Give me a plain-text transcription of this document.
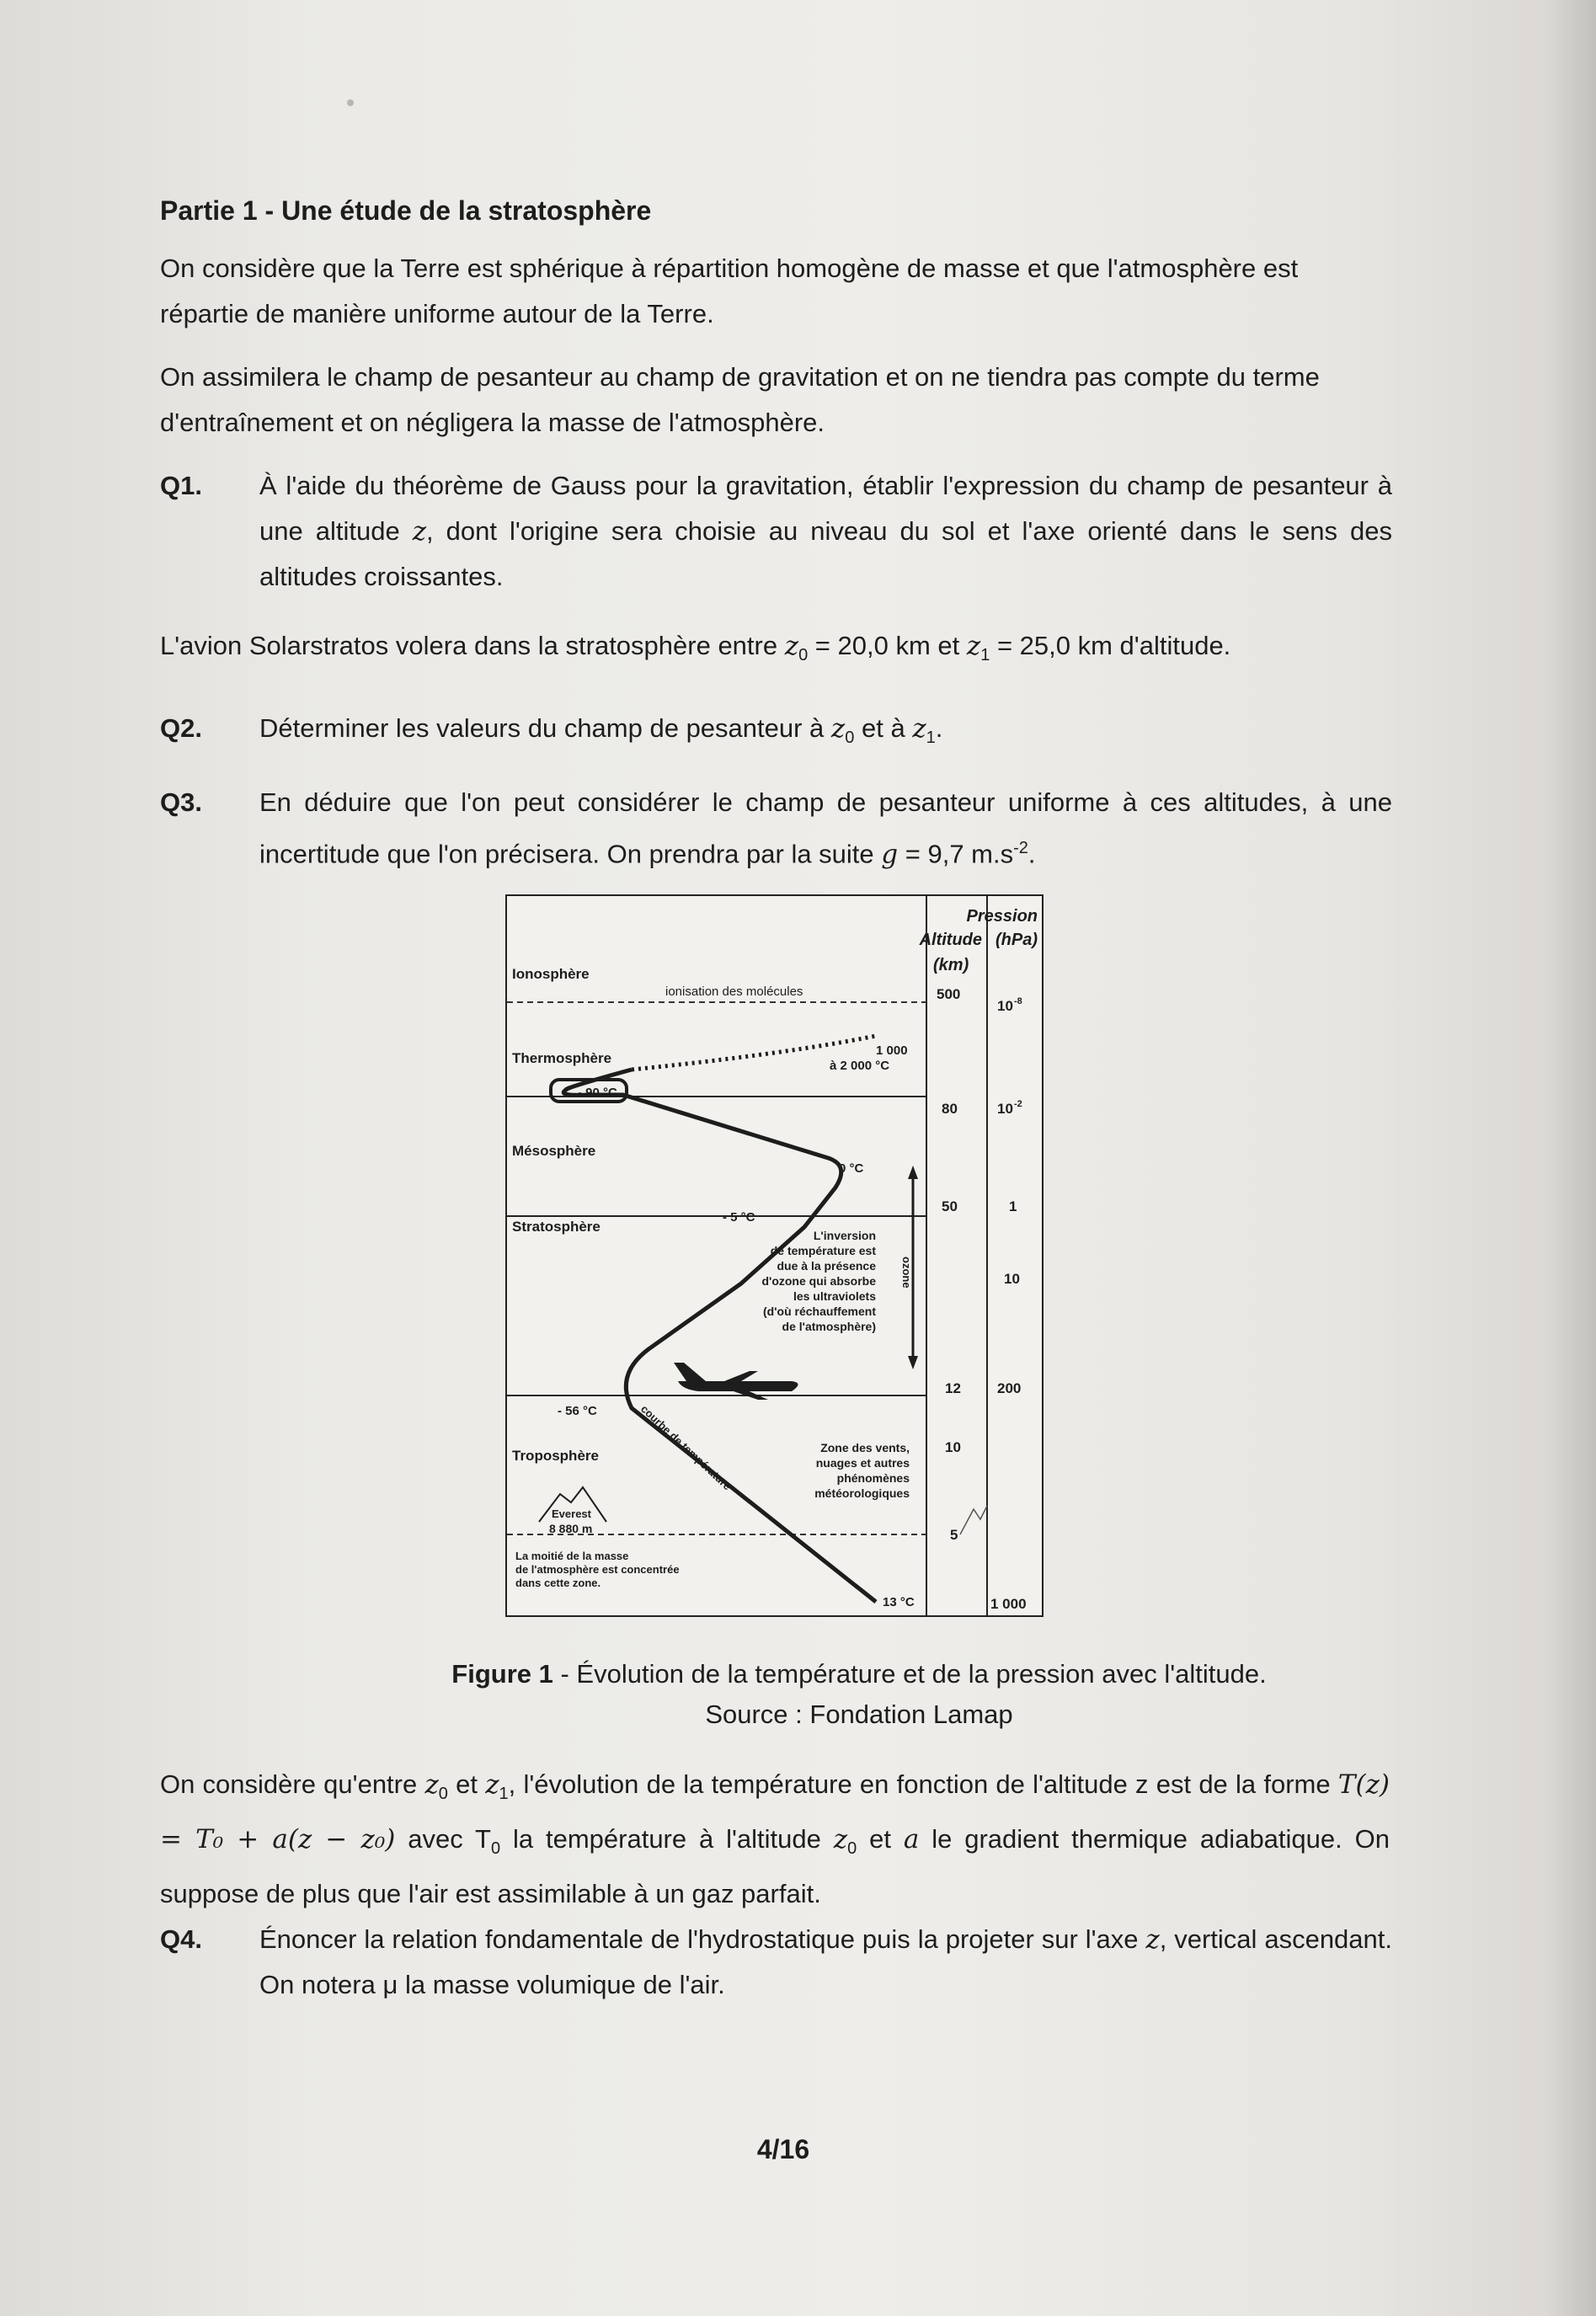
Partie 1 - Une étude de la stratosphère
On considère que la Terre est sphérique à répartition homogène de masse et que l'atmosphère est répartie de manière uniforme autour de la Terre.
On assimilera le champ de pesanteur au champ de gravitation et on ne tiendra pas compte du terme d'entraînement et on négligera la masse de l'atmosphère.
Q1. À l'aide du théorème de Gauss pour la gravitation, établir l'expression du champ de pesanteur à une altitude z, dont l'origine sera choisie au niveau du sol et l'axe orienté dans le sens des altitudes croissantes.
L'avion Solarstratos volera dans la stratosphère entre $z_0 = 20,0$ km et $z_1 = 25,0$ km d'altitude.
Q2. Déterminer les valeurs du champ de pesanteur à $z_0$ et à $z_1$.
Q3. En déduire que l'on peut considérer le champ de pesanteur uniforme à ces altitudes, à une incertitude que l'on précisera. On prendra par la suite g = 9,7 $m.s^{-2}$.
Pression
Altitude (hPa)
(km)
500
80
50
12
10
5
10 -8
10 -2
1
10
200
1 000
Ionosphère
Thermosphère
Mésosphère
Stratosphère
Troposphère
ionisation des molécules
1 000
à 2 000 °C
- 90 °C
0 °C
- 5 °C
- 56 °C
13 °C
L'inversion
de température est
due à la présence
d'ozone qui absorbe
les ultraviolets
(d'où réchauffement
de l'atmosphère)
ozone
Zone des vents,
nuages et autres
phénomènes
météorologiques
courbe de température
Everest
8 880 m
La moitié de la masse
de l'atmosphère est concentrée
dans cette zone.
Figure 1 - Évolution de la température et de la pression avec l'altitude.
Source : Fondation Lamap
On considère qu'entre $z_0$ et $z_1$, l'évolution de la température en fonction de l'altitude z est de la forme T(z) = T₀ + a(z − z₀) avec $T_0$ la température à l'altitude $z_0$ et a le gradient thermique adiabatique. On suppose de plus que l'air est assimilable à un gaz parfait.
Q4. Énoncer la relation fondamentale de l'hydrostatique puis la projeter sur l'axe z, vertical ascendant. On notera μ la masse volumique de l'air.
4/16
